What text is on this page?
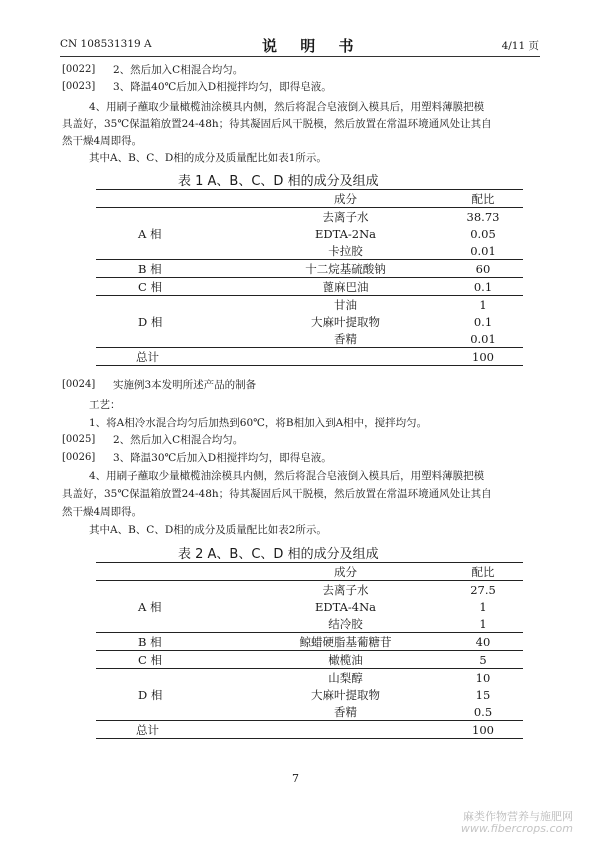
CN 108531319 A	说 明 书	4/11 页
[0022] 2、然后加入C相混合均匀。
[0023] 3、降温40℃后加入D相搅拌均匀，即得皂液。
4、用刷子蘸取少量橄榄油涂模具内侧，然后将混合皂液倒入模具后，用塑料薄膜把模
具盖好，35℃保温箱放置24-48h；待其凝固后风干脱模，然后放置在常温环境通风处让其自
然干燥4周即得。
其中A、B、C、D相的成分及质量配比如表1所示。
表 1 A、B、C、D 相的成分及组成
	成分	配比
A 相	去离子水	38.73
	EDTA-2Na	0.05
	卡拉胶	0.01
B 相	十二烷基硫酸钠	60
C 相	蓖麻巴油	0.1
D 相	甘油	1
	大麻叶提取物	0.1
	香精	0.01
总计		100
[0024] 实施例3本发明所述产品的制备
工艺：
1、将A相冷水混合均匀后加热到60℃，将B相加入到A相中，搅拌均匀。
[0025] 2、然后加入C相混合均匀。
[0026] 3、降温30℃后加入D相搅拌均匀，即得皂液。
4、用刷子蘸取少量橄榄油涂模具内侧，然后将混合皂液倒入模具后，用塑料薄膜把模
具盖好，35℃保温箱放置24-48h；待其凝固后风干脱模，然后放置在常温环境通风处让其自
然干燥4周即得。
其中A、B、C、D相的成分及质量配比如表2所示。
表 2 A、B、C、D 相的成分及组成
	成分	配比
A 相	去离子水	27.5
	EDTA-4Na	1
	结冷胶	1
B 相	鲸蜡硬脂基葡糖苷	40
C 相	橄榄油	5
D 相	山梨醇	10
	大麻叶提取物	15
	香精	0.5
总计		100
7
麻类作物营养与施肥网
www.fibercrops.com
